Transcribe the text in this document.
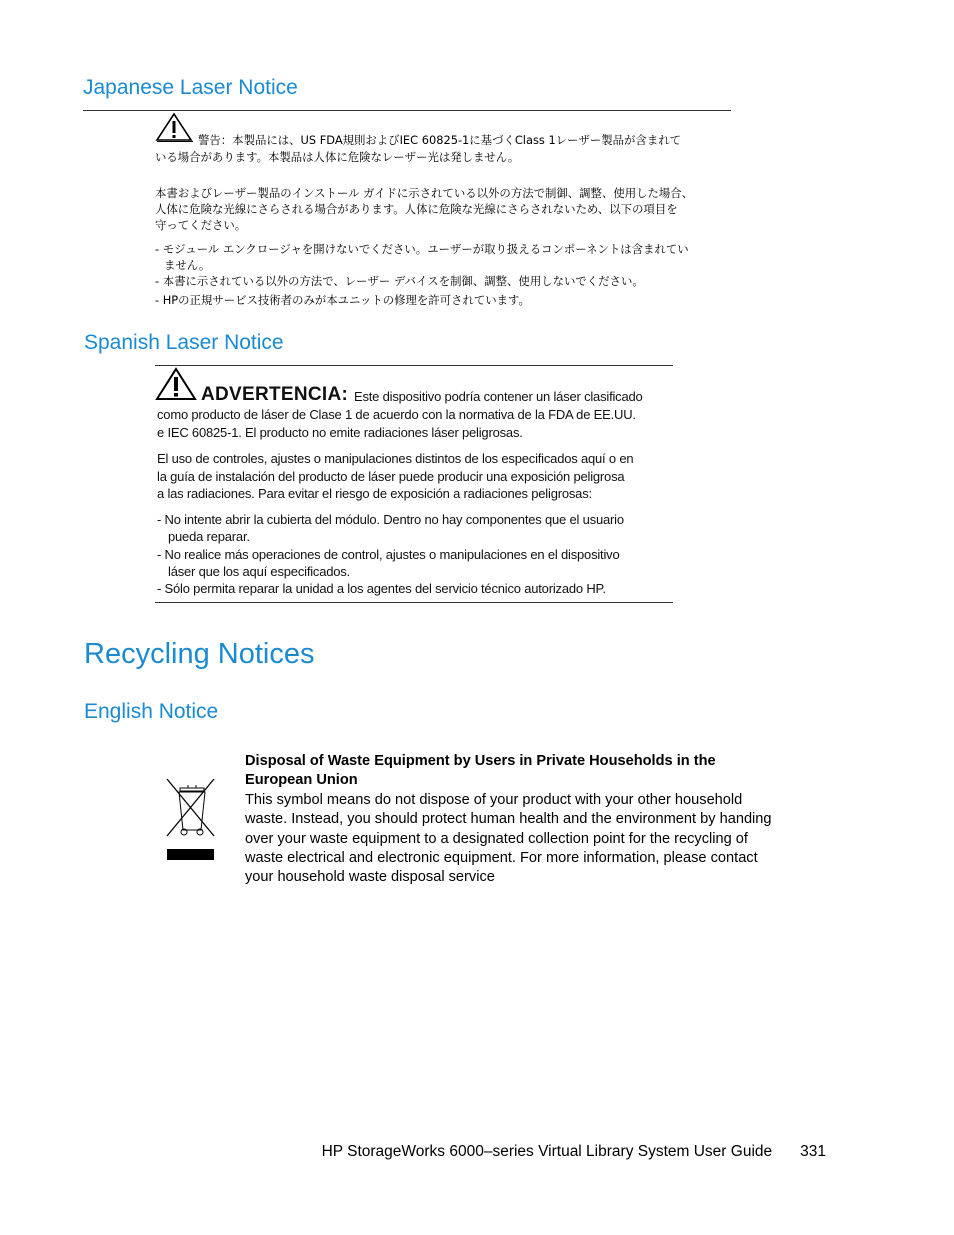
Japanese Laser Notice
警告：本製品には、US FDA規則およびIEC 60825-1に基づくClass 1レーザー製品が含まれて
いる場合があります。本製品は人体に危険なレーザー光は発しません。
本書およびレーザー製品のインストール ガイドに示されている以外の方法で制御、調整、使用した場合、
人体に危険な光線にさらされる場合があります。人体に危険な光線にさらされないため、以下の項目を
守ってください。
- モジュール エンクロージャを開けないでください。ユーザーが取り扱えるコンポーネントは含まれてい
ません。
- 本書に示されている以外の方法で、レーザー デバイスを制御、調整、使用しないでください。
- HPの正規サービス技術者のみが本ユニットの修理を許可されています。
Spanish Laser Notice
ADVERTENCIA: Este dispositivo podría contener un láser clasificado
como producto de láser de Clase 1 de acuerdo con la normativa de la FDA de EE.UU.
e IEC 60825-1. El producto no emite radiaciones láser peligrosas.
El uso de controles, ajustes o manipulaciones distintos de los especificados aquí o en
la guía de instalación del producto de láser puede producir una exposición peligrosa
a las radiaciones. Para evitar el riesgo de exposición a radiaciones peligrosas:
- No intente abrir la cubierta del módulo. Dentro no hay componentes que el usuario
pueda reparar.
- No realice más operaciones de control, ajustes o manipulaciones en el dispositivo
láser que los aquí especificados.
- Sólo permita reparar la unidad a los agentes del servicio técnico autorizado HP.
Recycling Notices
English Notice
Disposal of Waste Equipment by Users in Private Households in the European Union
This symbol means do not dispose of your product with your other household waste. Instead, you should protect human health and the environment by handing over your waste equipment to a designated collection point for the recycling of waste electrical and electronic equipment. For more information, please contact your household waste disposal service
HP StorageWorks 6000–series Virtual Library System User Guide 331
